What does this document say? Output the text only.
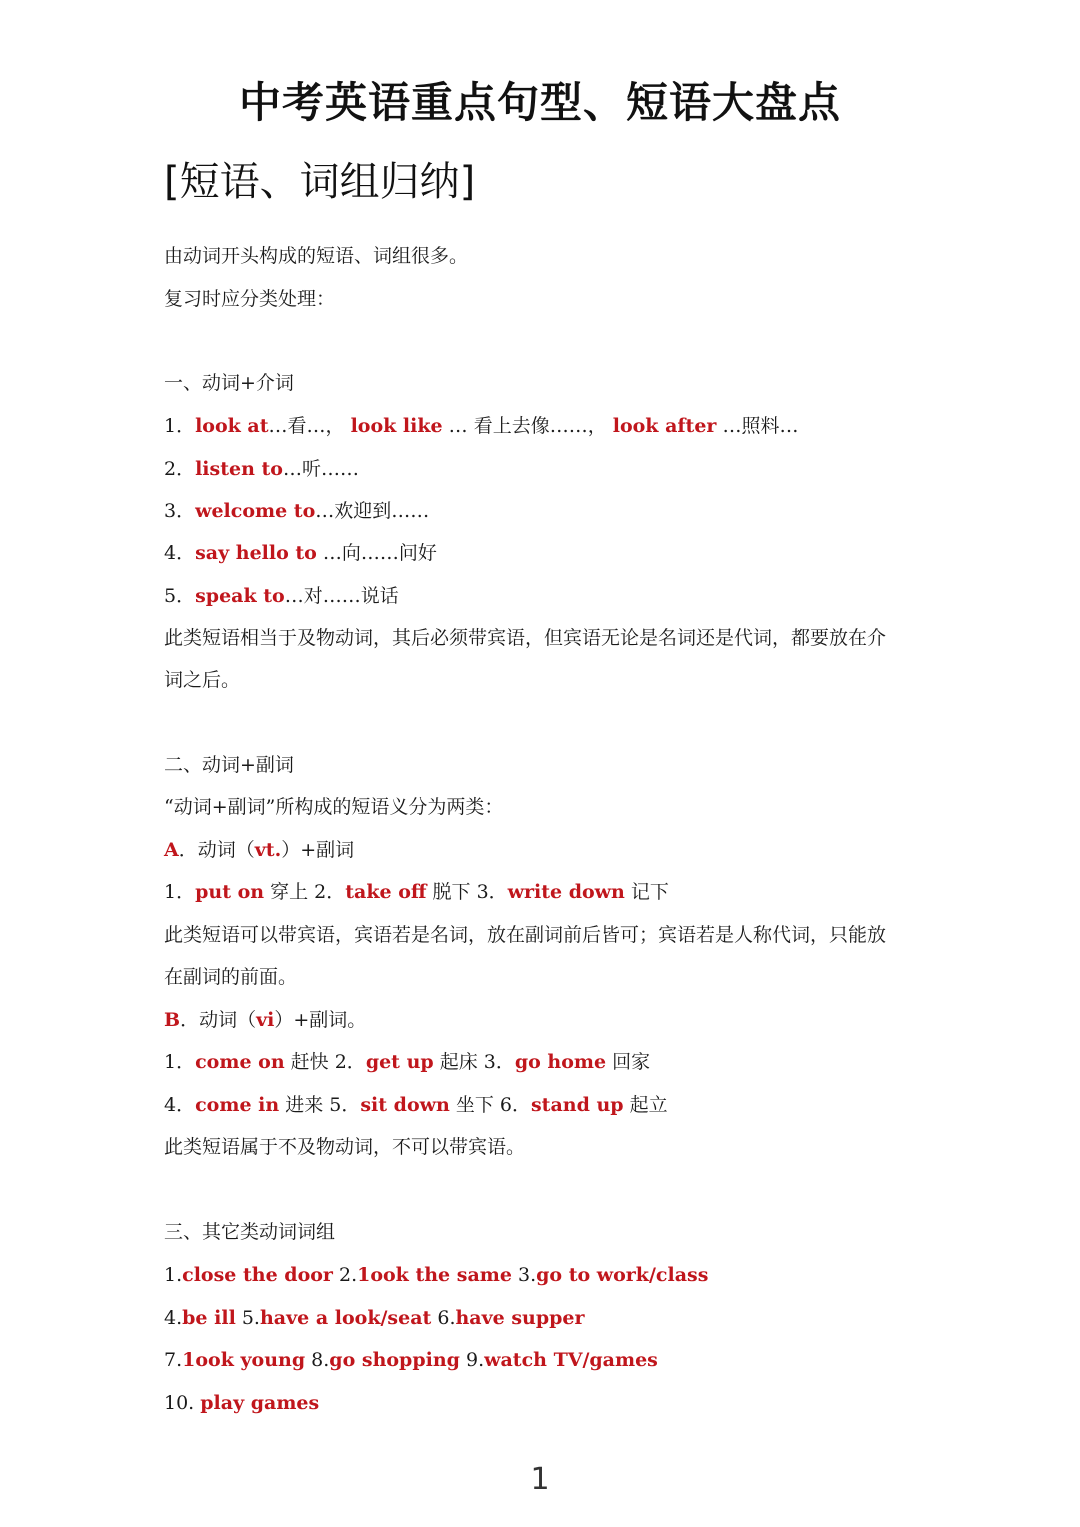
中考英语重点句型、短语大盘点
[短语、词组归纳]
由动词开头构成的短语、词组很多。
复习时应分类处理：
一、动词+介词
1．look at…看…， look like … 看上去像……， look after …照料…
2．listen to…听……
3．welcome to…欢迎到……
4．say hello to …向……问好
5．speak to…对……说话
此类短语相当于及物动词，其后必须带宾语，但宾语无论是名词还是代词，都要放在介
词之后。
二、动词+副词
“动词+副词”所构成的短语义分为两类：
A．动词（vt.）+副词
1．put on 穿上 2．take off 脱下 3．write down 记下
此类短语可以带宾语，宾语若是名词，放在副词前后皆可；宾语若是人称代词，只能放
在副词的前面。
B．动词（vi）+副词。
1．come on 赶快 2．get up 起床 3．go home 回家
4．come in 进来 5．sit down 坐下 6．stand up 起立
此类短语属于不及物动词，不可以带宾语。
三、其它类动词词组
1.close the door 2.1ook the same 3.go to work/class
4.be ill 5.have a look/seat 6.have supper
7.1ook young 8.go shopping 9.watch TV/games
10. play games
1
